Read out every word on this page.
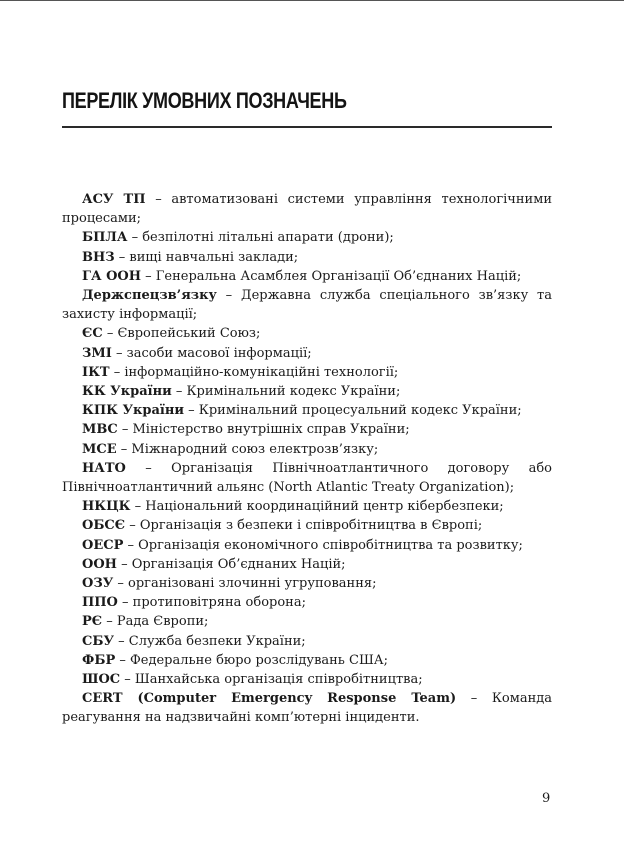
ПЕРЕЛІК УМОВНИХ ПОЗНАЧЕНЬ
АСУ ТП – автоматизовані системи управління технологічними процесами;
БПЛА – безпілотні літальні апарати (дрони);
ВНЗ – вищі навчальні заклади;
ГА ООН – Генеральна Асамблея Організації Об’єднаних Націй;
Держспецзв’язку – Державна служба спеціального зв’язку та захисту інформації;
ЄС – Європейський Союз;
ЗМІ – засоби масової інформації;
ІКТ – інформаційно-комунікаційні технології;
КК України – Кримінальний кодекс України;
КПК України – Кримінальний процесуальний кодекс України;
МВС – Міністерство внутрішніх справ України;
МСЕ – Міжнародний союз електрозв’язку;
НАТО – Організація Північноатлантичного договору або Північноатлантичний альянс (North Atlantic Treaty Organization);
НКЦК – Національний координаційний центр кібербезпеки;
ОБСЄ – Організація з безпеки і співробітництва в Європі;
ОЕСР – Організація економічного співробітництва та розвитку;
ООН – Організація Об’єднаних Націй;
ОЗУ – організовані злочинні угруповання;
ППО – протиповітряна оборона;
РЄ – Рада Європи;
СБУ – Служба безпеки України;
ФБР – Федеральне бюро розслідувань США;
ШОС – Шанхайська організація співробітництва;
CERT (Computer Emergency Response Team) – Команда реагування на надзвичайні комп’ютерні інциденти.
9
